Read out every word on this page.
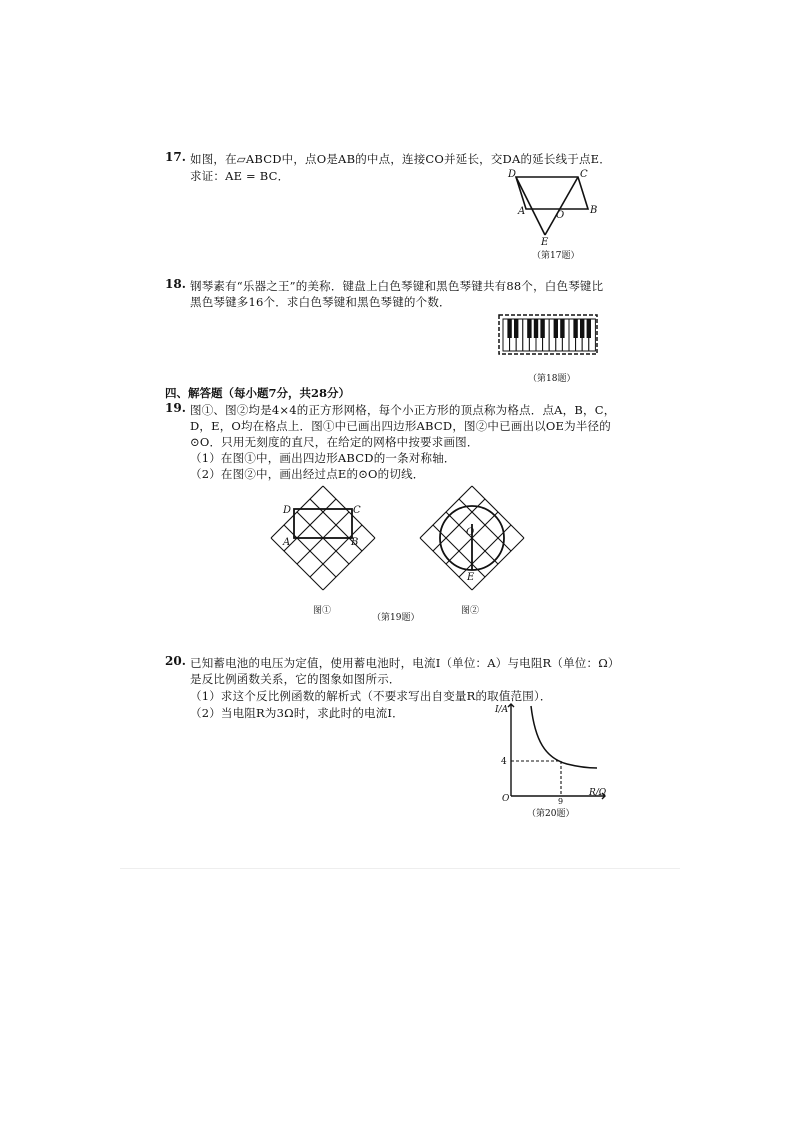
17. 如图，在▱ABCD中，点O是AB的中点，连接CO并延长，交DA的延长线于点E．
求证：AE = BC．	D	C
A	O	B
E
（第17题）
18. 钢琴素有“乐器之王”的美称．键盘上白色琴键和黑色琴键共有88个，白色琴键比
黑色琴键多16个．求白色琴键和黑色琴键的个数．
（第18题）
四、解答题（每小题7分，共28分）
19. 图①、图②均是4×4的正方形网格，每个小正方形的顶点称为格点．点A，B，C，
D，E，O均在格点上．图①中已画出四边形ABCD，图②中已画出以OE为半径的
⊙O．只用无刻度的直尺，在给定的网格中按要求画图．
（1）在图①中，画出四边形ABCD的一条对称轴．
（2）在图②中，画出经过点E的⊙O的切线．
D	C
A	B
O
E
图①
（第19题）
图②
20. 已知蓄电池的电压为定值，使用蓄电池时，电流I（单位：A）与电阻R（单位：Ω）
是反比例函数关系，它的图象如图所示．
（1）求这个反比例函数的解析式（不要求写出自变量R的取值范围）．
（2）当电阻R为3Ω时，求此时的电流I．	I/A
R/Ω
O
4
9
（第20题）
